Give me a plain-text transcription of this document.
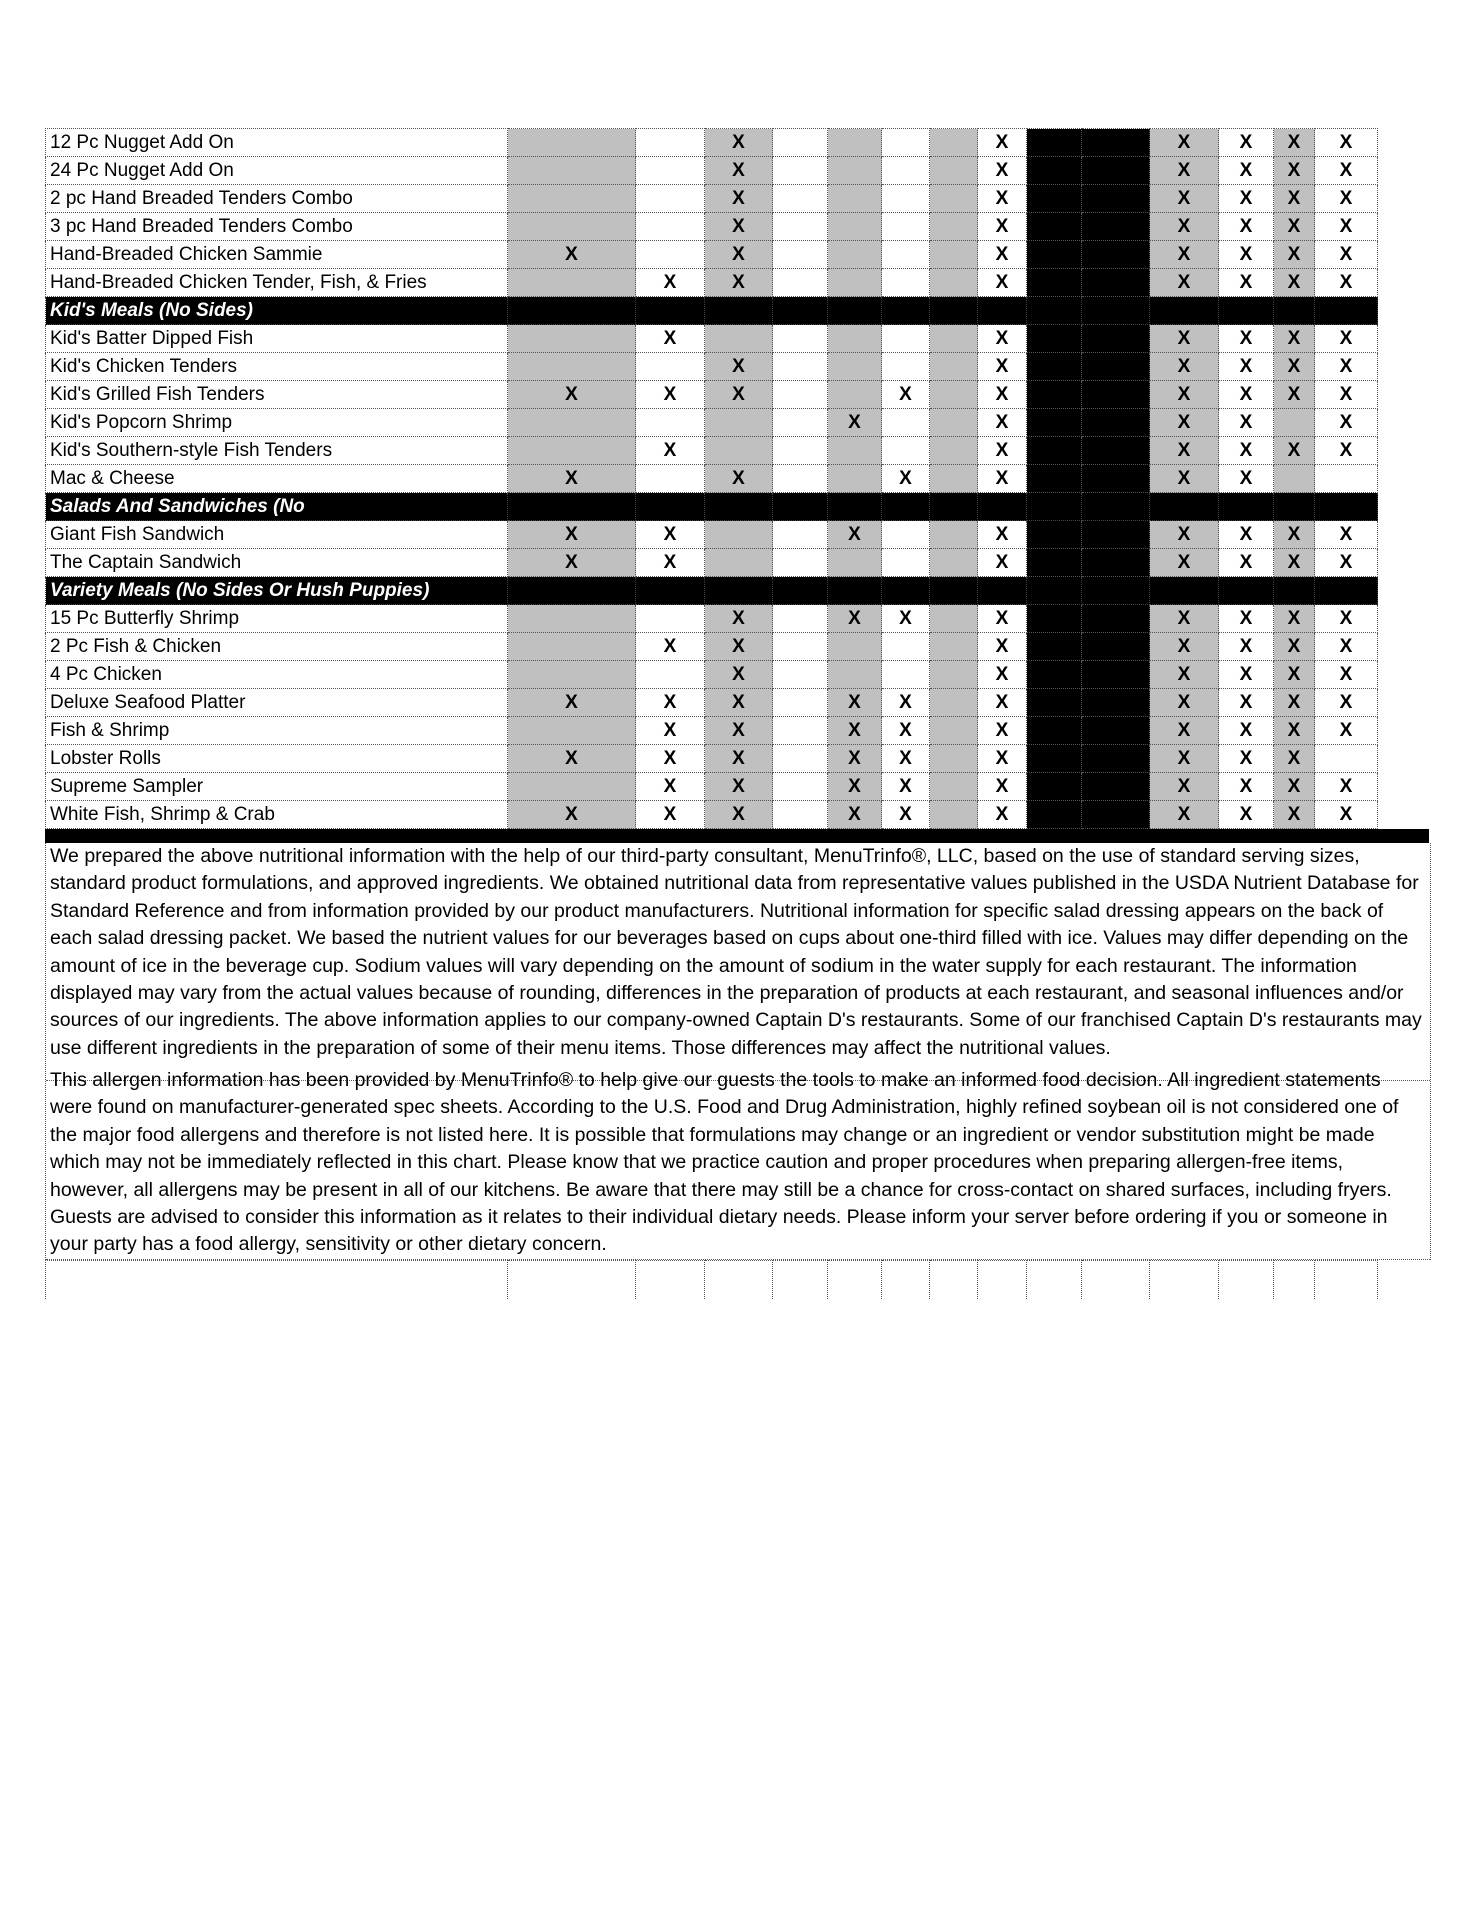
12 Pc Nugget Add On			X					X			X	X	X	X
24 Pc Nugget Add On			X					X			X	X	X	X
2 pc Hand Breaded Tenders Combo			X					X			X	X	X	X
3 pc Hand Breaded Tenders Combo			X					X			X	X	X	X
Hand-Breaded Chicken Sammie	X		X					X			X	X	X	X
Hand-Breaded Chicken Tender, Fish, & Fries		X	X					X			X	X	X	X
Kid's Meals (No Sides)														
Kid's Batter Dipped Fish		X						X			X	X	X	X
Kid's Chicken Tenders			X					X			X	X	X	X
Kid's Grilled Fish Tenders	X	X	X			X		X			X	X	X	X
Kid's Popcorn Shrimp					X			X			X	X		X
Kid's Southern-style Fish Tenders		X						X			X	X	X	X
Mac & Cheese	X		X			X		X			X	X		
Salads And Sandwiches (No														
Giant Fish Sandwich	X	X			X			X			X	X	X	X
The Captain Sandwich	X	X						X			X	X	X	X
Variety Meals (No Sides Or Hush Puppies)														
15 Pc Butterfly Shrimp			X		X	X		X			X	X	X	X
2 Pc Fish & Chicken		X	X					X			X	X	X	X
4 Pc Chicken			X					X			X	X	X	X
Deluxe Seafood Platter	X	X	X		X	X		X			X	X	X	X
Fish & Shrimp		X	X		X	X		X			X	X	X	X
Lobster Rolls	X	X	X		X	X		X			X	X	X	
Supreme Sampler		X	X		X	X		X			X	X	X	X
White Fish, Shrimp & Crab	X	X	X		X	X		X			X	X	X	X
We prepared the above nutritional information with the help of our third-party consultant, MenuTrinfo®, LLC, based on the use of standard serving sizes, standard product formulations, and approved ingredients. We obtained nutritional data from representative values published in the USDA Nutrient Database for Standard Reference and from information provided by our product manufacturers. Nutritional information for specific salad dressing appears on the back of each salad dressing packet. We based the nutrient values for our beverages based on cups about one-third filled with ice. Values may differ depending on the amount of ice in the beverage cup. Sodium values will vary depending on the amount of sodium in the water supply for each restaurant. The information displayed may vary from the actual values because of rounding, differences in the preparation of products at each restaurant, and seasonal influences and/or sources of our ingredients. The above information applies to our company-owned Captain D's restaurants. Some of our franchised Captain D's restaurants may use different ingredients in the preparation of some of their menu items. Those differences may affect the nutritional values.
This allergen information has been provided by MenuTrinfo® to help give our guests the tools to make an informed food decision. All ingredient statements were found on manufacturer-generated spec sheets. According to the U.S. Food and Drug Administration, highly refined soybean oil is not considered one of the major food allergens and therefore is not listed here. It is possible that formulations may change or an ingredient or vendor substitution might be made which may not be immediately reflected in this chart. Please know that we practice caution and proper procedures when preparing allergen-free items, however, all allergens may be present in all of our kitchens. Be aware that there may still be a chance for cross-contact on shared surfaces, including fryers. Guests are advised to consider this information as it relates to their individual dietary needs. Please inform your server before ordering if you or someone in your party has a food allergy, sensitivity or other dietary concern.
